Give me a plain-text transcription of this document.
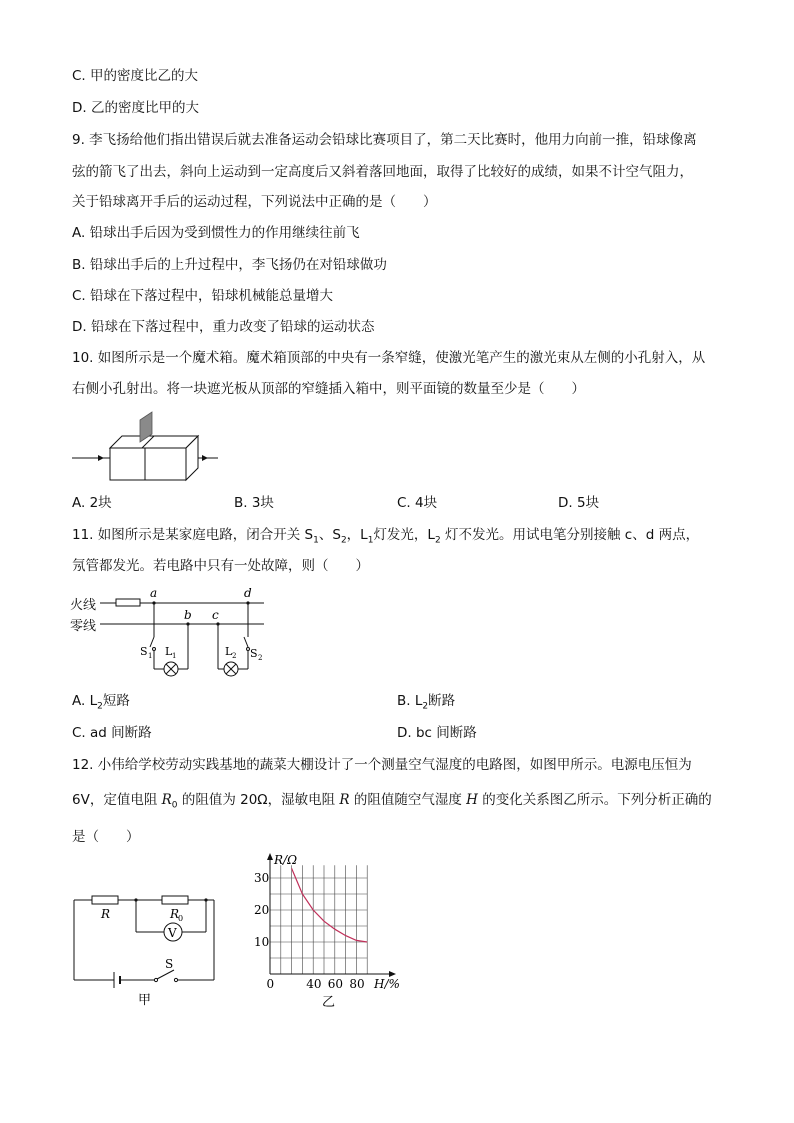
C. 甲的密度比乙的大
D. 乙的密度比甲的大
9. 李飞扬给他们指出错误后就去准备运动会铅球比赛项目了，第二天比赛时，他用力向前一推，铅球像离
弦的箭飞了出去，斜向上运动到一定高度后又斜着落回地面，取得了比较好的成绩，如果不计空气阻力，
关于铅球离开手后的运动过程，下列说法中正确的是（　　）
A. 铅球出手后因为受到惯性力的作用继续往前飞
B. 铅球出手后的上升过程中，李飞扬仍在对铅球做功
C. 铅球在下落过程中，铅球机械能总量增大
D. 铅球在下落过程中，重力改变了铅球的运动状态
10. 如图所示是一个魔术箱。魔术箱顶部的中央有一条窄缝，使激光笔产生的激光束从左侧的小孔射入，从
右侧小孔射出。将一块遮光板从顶部的窄缝插入箱中，则平面镜的数量至少是（　　）
A. 2块	B. 3块	C. 4块	D. 5块
11. 如图所示是某家庭电路，闭合开关 $S_1$、$S_2$，$L_1$灯发光，$L_2$ 灯不发光。用试电笔分别接触 c、d 两点，
氖管都发光。若电路中只有一处故障，则（　　）
火线
零线
a
b c
d
S 1 L 1	L 2 S 2
A. $L_2$短路	B. $L_2$断路
C. ad 间断路	D. bc 间断路
12. 小伟给学校劳动实践基地的蔬菜大棚设计了一个测量空气湿度的电路图，如图甲所示。电源电压恒为
6V，定值电阻 $R_0$ 的阻值为 20Ω，湿敏电阻 R 的阻值随空气湿度 H 的变化关系图乙所示。下列分析正确的
是（　　）
V
R	R
0
S
甲
0	40 60 80
10
20
30
R/Ω
H/%
乙
